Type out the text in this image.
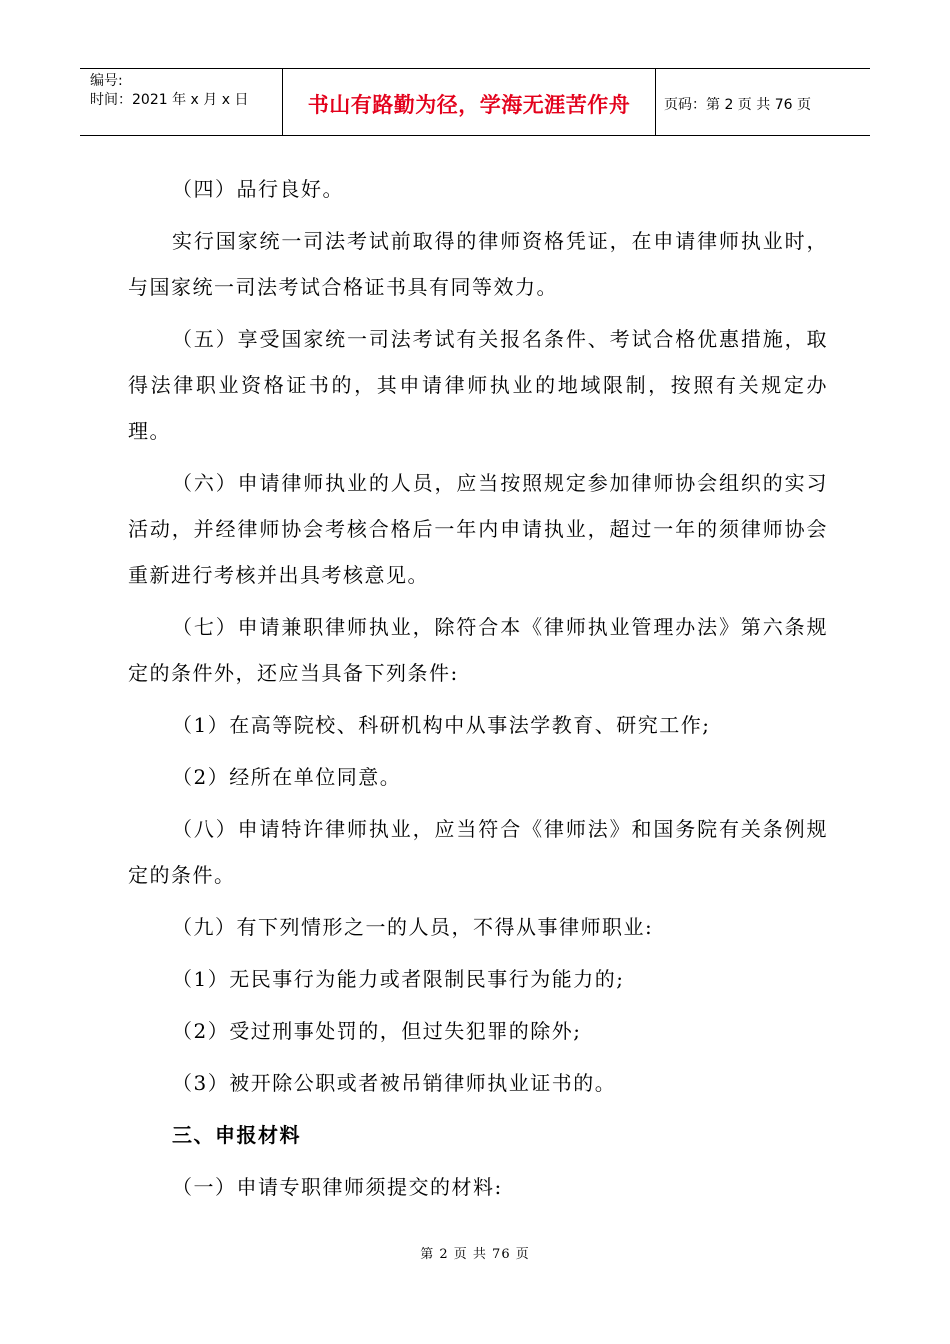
编号:
时间：2021 年 x 月 x 日	书山有路勤为径，学海无涯苦作舟	页码：第 2 页 共 76 页

（四）品行良好。

实行国家统一司法考试前取得的律师资格凭证，在申请律师执业时，与国家统一司法考试合格证书具有同等效力。

（五）享受国家统一司法考试有关报名条件、考试合格优惠措施，取得法律职业资格证书的，其申请律师执业的地域限制，按照有关规定办理。

（六）申请律师执业的人员，应当按照规定参加律师协会组织的实习活动，并经律师协会考核合格后一年内申请执业，超过一年的须律师协会重新进行考核并出具考核意见。

（七）申请兼职律师执业，除符合本《律师执业管理办法》第六条规定的条件外，还应当具备下列条件:

（1）在高等院校、科研机构中从事法学教育、研究工作;

（2）经所在单位同意。

（八）申请特许律师执业，应当符合《律师法》和国务院有关条例规定的条件。

（九）有下列情形之一的人员，不得从事律师职业:

（1）无民事行为能力或者限制民事行为能力的;

（2）受过刑事处罚的，但过失犯罪的除外;

（3）被开除公职或者被吊销律师执业证书的。

三、申报材料

（一）申请专职律师须提交的材料:

第 2 页 共 76 页
